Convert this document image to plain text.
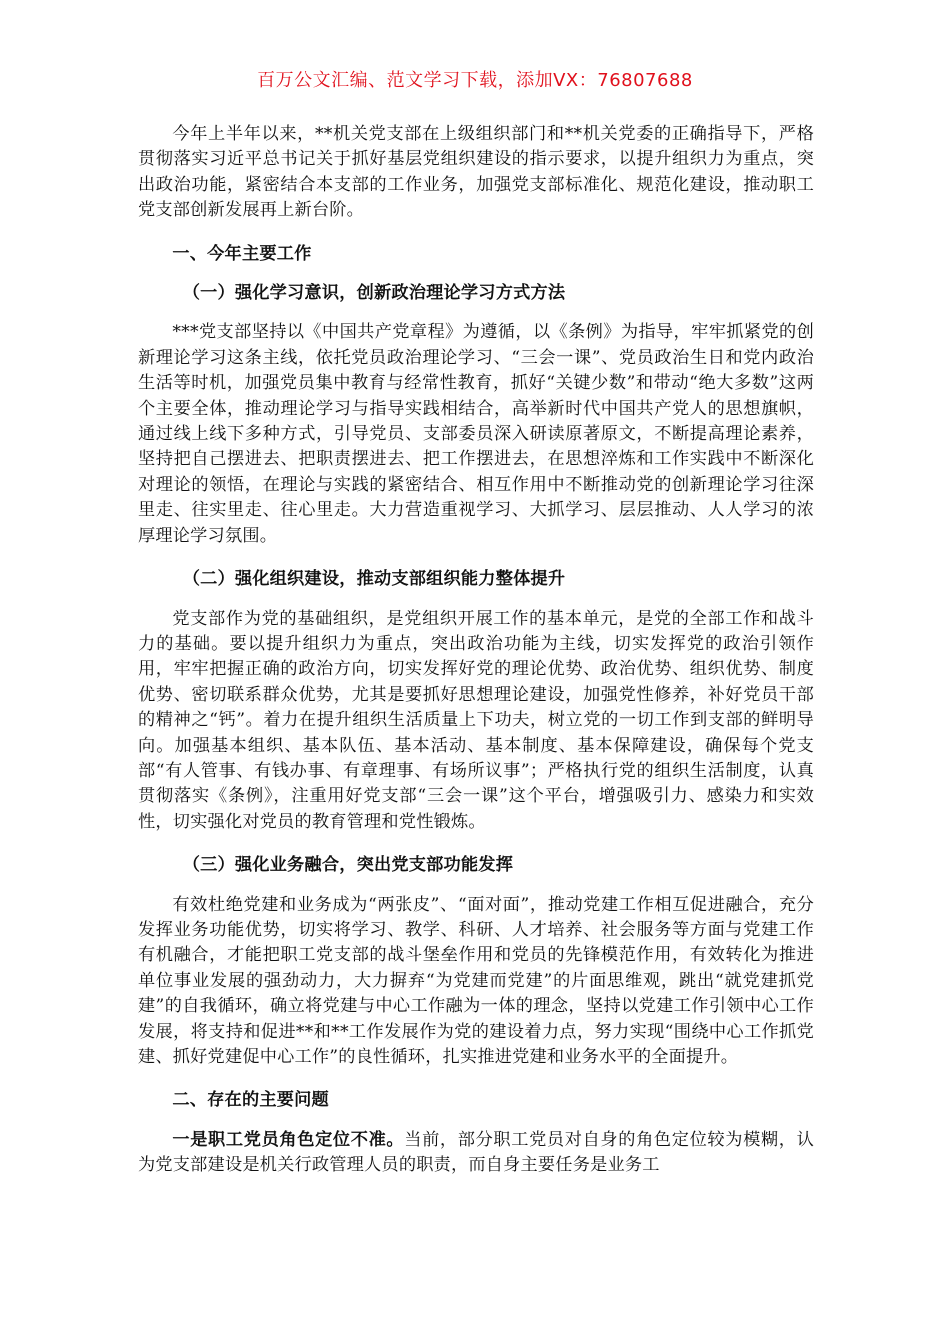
百万公文汇编、范文学习下载，添加VX：76807688

今年上半年以来，**机关党支部在上级组织部门和**机关党委的正确指导下，严格贯彻落实习近平总书记关于抓好基层党组织建设的指示要求，以提升组织力为重点，突出政治功能，紧密结合本支部的工作业务，加强党支部标准化、规范化建设，推动职工党支部创新发展再上新台阶。

一、今年主要工作

（一）强化学习意识，创新政治理论学习方式方法

***党支部坚持以《中国共产党章程》为遵循，以《条例》为指导，牢牢抓紧党的创新理论学习这条主线，依托党员政治理论学习、“三会一课”、党员政治生日和党内政治生活等时机，加强党员集中教育与经常性教育，抓好“关键少数”和带动“绝大多数”这两个主要全体，推动理论学习与指导实践相结合，高举新时代中国共产党人的思想旗帜，通过线上线下多种方式，引导党员、支部委员深入研读原著原文，不断提高理论素养，坚持把自己摆进去、把职责摆进去、把工作摆进去，在思想淬炼和工作实践中不断深化对理论的领悟，在理论与实践的紧密结合、相互作用中不断推动党的创新理论学习往深里走、往实里走、往心里走。大力营造重视学习、大抓学习、层层推动、人人学习的浓厚理论学习氛围。

（二）强化组织建设，推动支部组织能力整体提升

党支部作为党的基础组织，是党组织开展工作的基本单元，是党的全部工作和战斗力的基础。要以提升组织力为重点，突出政治功能为主线，切实发挥党的政治引领作用，牢牢把握正确的政治方向，切实发挥好党的理论优势、政治优势、组织优势、制度优势、密切联系群众优势，尤其是要抓好思想理论建设，加强党性修养，补好党员干部的精神之“钙”。着力在提升组织生活质量上下功夫，树立党的一切工作到支部的鲜明导向。加强基本组织、基本队伍、基本活动、基本制度、基本保障建设，确保每个党支部“有人管事、有钱办事、有章理事、有场所议事”；严格执行党的组织生活制度，认真贯彻落实《条例》，注重用好党支部“三会一课”这个平台，增强吸引力、感染力和实效性，切实强化对党员的教育管理和党性锻炼。

（三）强化业务融合，突出党支部功能发挥

有效杜绝党建和业务成为“两张皮”、“面对面”，推动党建工作相互促进融合，充分发挥业务功能优势，切实将学习、教学、科研、人才培养、社会服务等方面与党建工作有机融合，才能把职工党支部的战斗堡垒作用和党员的先锋模范作用，有效转化为推进单位事业发展的强劲动力，大力摒弃“为党建而党建”的片面思维观，跳出“就党建抓党建”的自我循环，确立将党建与中心工作融为一体的理念，坚持以党建工作引领中心工作发展，将支持和促进**和**工作发展作为党的建设着力点，努力实现“围绕中心工作抓党建、抓好党建促中心工作”的良性循环，扎实推进党建和业务水平的全面提升。

二、存在的主要问题

一是职工党员角色定位不准。当前，部分职工党员对自身的角色定位较为模糊，认为党支部建设是机关行政管理人员的职责，而自身主要任务是业务工
